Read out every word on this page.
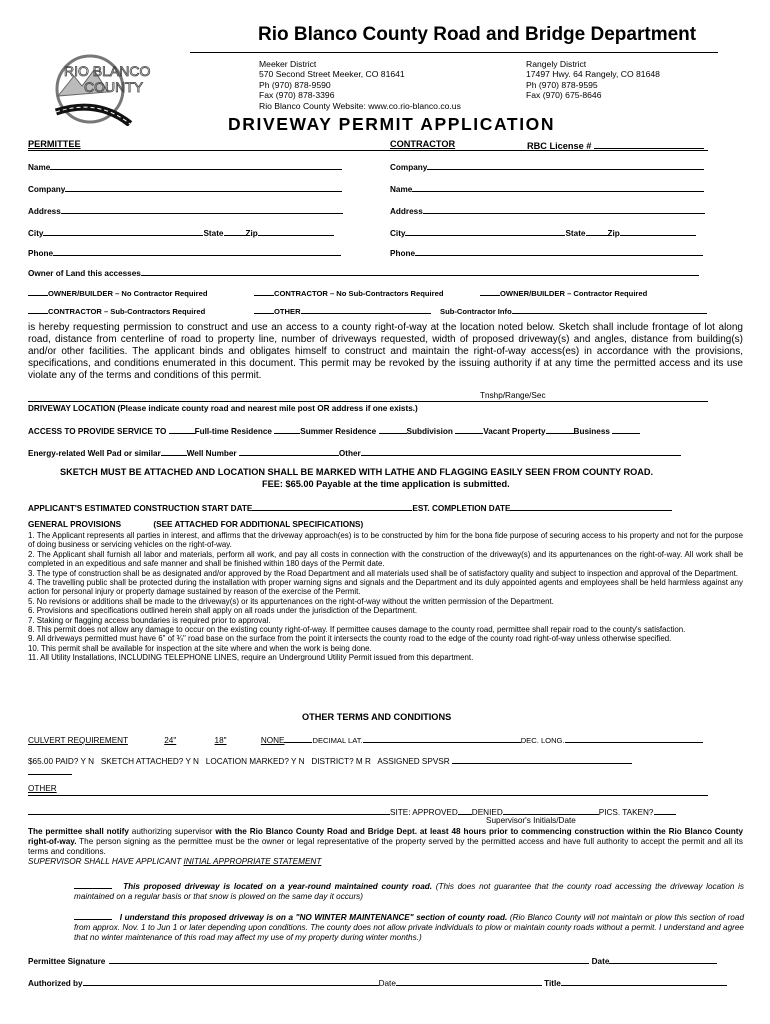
Rio Blanco County Road and Bridge Department
RIO BLANCO
COUNTY
Meeker District
570 Second Street Meeker, CO 81641
Ph (970) 878-9590
Fax (970) 878-3396
Rio Blanco County Website: www.co.rio-blanco.co.us
Rangely District
17497 Hwy. 64 Rangely, CO 81648
Ph (970) 878-9595
Fax (970) 675-8646
DRIVEWAY PERMIT APPLICATION
PERMITTEE	CONTRACTOR	RBC License #
Name	Company
Company	Name
Address	Address
City	State	Zip	City	State	Zip
Phone	Phone
Owner of Land this accesses
OWNER/BUILDER – No Contractor Required	CONTRACTOR – No Sub-Contractors Required	OWNER/BUILDER – Contractor Required
CONTRACTOR – Sub-Contractors Required	OTHER	Sub-Contractor Info
is hereby requesting permission to construct and use an access to a county right-of-way at the location noted below. Sketch shall include frontage of lot along road, distance from centerline of road to property line, number of driveways requested, width of proposed driveway(s) and angles, distance from building(s) and/or other facilities. The applicant binds and obligates himself to construct and maintain the right-of-way access(es) in accordance with the provisions, specifications, and conditions enumerated in this document. This permit may be revoked by the issuing authority if at any time the permitted access and its use violate any of the terms and conditions of this permit.
Tnshp/Range/Sec
DRIVEWAY LOCATION (Please indicate county road and nearest mile post OR address if one exists.)
ACCESS TO PROVIDE SERVICE TO	Full-time Residence	Summer Residence	Subdivision	Vacant Property	Business
Energy-related Well Pad or similar	Well Number	Other
SKETCH MUST BE ATTACHED AND LOCATION SHALL BE MARKED WITH LATHE AND FLAGGING EASILY SEEN FROM COUNTY ROAD.
FEE: $65.00 Payable at the time application is submitted.
APPLICANT'S ESTIMATED CONSTRUCTION START DATE	EST. COMPLETION DATE
GENERAL PROVISIONS	(SEE ATTACHED FOR ADDITIONAL SPECIFICATIONS)
1. The Applicant represents all parties in interest, and affirms that the driveway approach(es) is to be constructed by him for the bona fide purpose of securing access to his property and not for the purpose of doing business or servicing vehicles on the right-of-way.
2. The Applicant shall furnish all labor and materials, perform all work, and pay all costs in connection with the construction of the driveway(s) and its appurtenances on the right-of-way. All work shall be completed in an expeditious and safe manner and shall be finished within 180 days of the Permit date.
3. The type of construction shall be as designated and/or approved by the Road Department and all materials used shall be of satisfactory quality and subject to inspection and approval of the Department.
4. The travelling public shall be protected during the installation with proper warning signs and signals and the Department and its duly appointed agents and employees shall be held harmless against any action for personal injury or property damage sustained by reason of the exercise of the Permit.
5. No revisions or additions shall be made to the driveway(s) or its appurtenances on the right-of-way without the written permission of the Department.
6. Provisions and specifications outlined herein shall apply on all roads under the jurisdiction of the Department.
7. Staking or flagging access boundaries is required prior to approval.
8. This permit does not allow any damage to occur on the existing county right-of-way. If permittee causes damage to the county road, permittee shall repair road to the county's satisfaction.
9. All driveways permitted must have 6" of ¾" road base on the surface from the point it intersects the county road to the edge of the county road right-of-way unless otherwise specified.
10. This permit shall be available for inspection at the site where and when the work is being done.
11. All Utility Installations, INCLUDING TELEPHONE LINES, require an Underground Utility Permit issued from this department.
OTHER TERMS AND CONDITIONS
CULVERT REQUIREMENT	24"	18"	NONE	DECIMAL LAT.	DEC. LONG.
$65.00 PAID? Y N SKETCH ATTACHED? Y N LOCATION MARKED? Y N DISTRICT? M R ASSIGNED SPVSR
OTHER
SITE: APPROVED DENIED	PICS. TAKEN?
Supervisor's Initials/Date
The permittee shall notify authorizing supervisor with the Rio Blanco County Road and Bridge Dept. at least 48 hours prior to commencing construction within the Rio Blanco County right-of-way. The person signing as the permittee must be the owner or legal representative of the property served by the permitted access and have full authority to accept the permit and all its terms and conditions.
SUPERVISOR SHALL HAVE APPLICANT INITIAL APPROPRIATE STATEMENT
This proposed driveway is located on a year-round maintained county road. (This does not guarantee that the county road accessing the driveway location is maintained on a regular basis or that snow is plowed on the same day it occurs)
I understand this proposed driveway is on a "NO WINTER MAINTENANCE" section of county road. (Rio Blanco County will not maintain or plow this section of road from approx. Nov. 1 to Jun 1 or later depending upon conditions. The county does not allow private individuals to plow or maintain county roads without a permit. I understand and agree that no winter maintenance of this road may affect my use of my property during winter months.)
Permittee Signature	Date
Authorized by	Date	Title
